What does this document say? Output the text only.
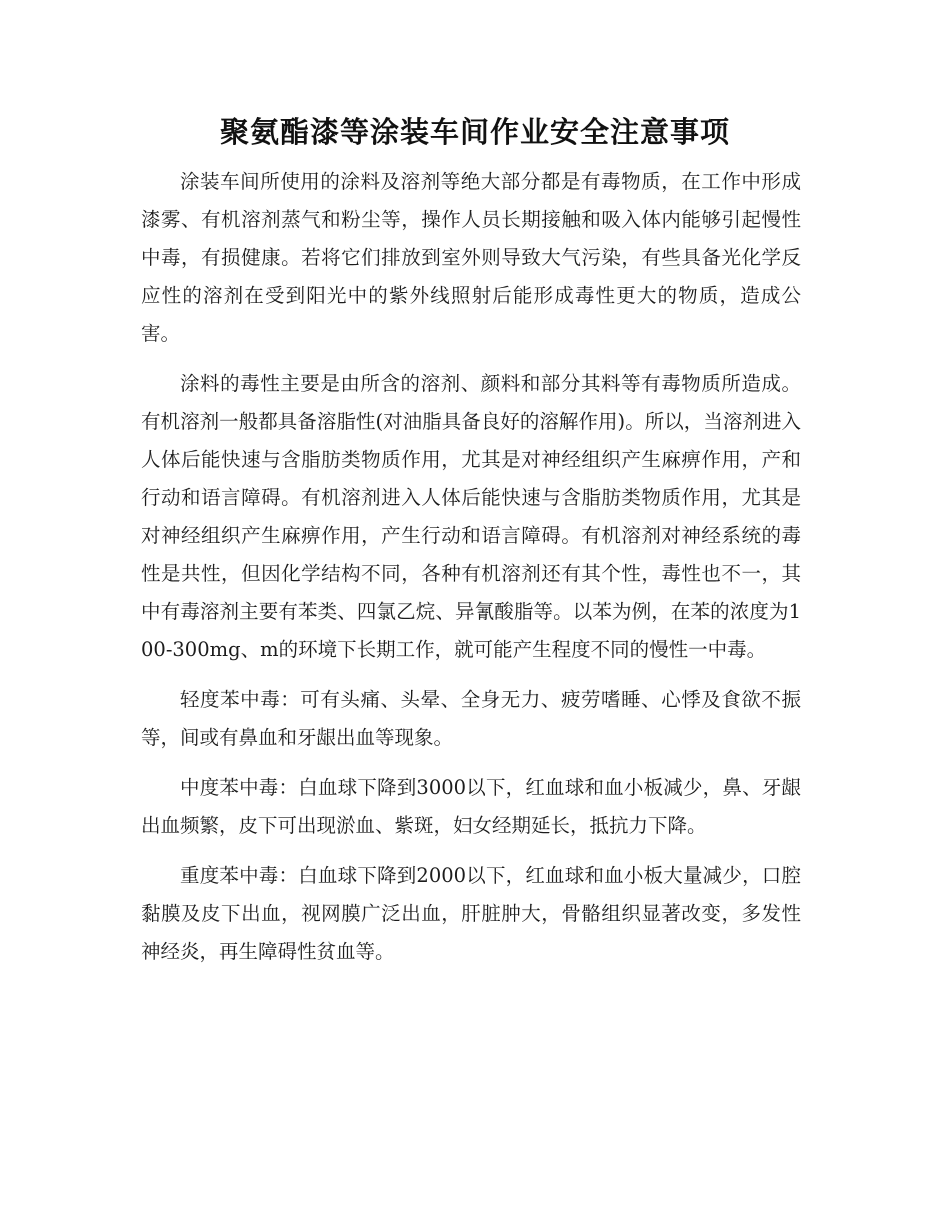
聚氨酯漆等涂装车间作业安全注意事项

涂装车间所使用的涂料及溶剂等绝大部分都是有毒物质，在工作中形成漆雾、有机溶剂蒸气和粉尘等，操作人员长期接触和吸入体内能够引起慢性中毒，有损健康。若将它们排放到室外则导致大气污染，有些具备光化学反应性的溶剂在受到阳光中的紫外线照射后能形成毒性更大的物质，造成公害。

涂料的毒性主要是由所含的溶剂、颜料和部分其料等有毒物质所造成。有机溶剂一般都具备溶脂性(对油脂具备良好的溶解作用)。所以，当溶剂进入人体后能快速与含脂肪类物质作用，尤其是对神经组织产生麻痹作用，产和行动和语言障碍。有机溶剂进入人体后能快速与含脂肪类物质作用，尤其是对神经组织产生麻痹作用，产生行动和语言障碍。有机溶剂对神经系统的毒性是共性，但因化学结构不同，各种有机溶剂还有其个性，毒性也不一，其中有毒溶剂主要有苯类、四氯乙烷、异氰酸脂等。以苯为例，在苯的浓度为100-300mg、m的环境下长期工作，就可能产生程度不同的慢性一中毒。

轻度苯中毒：可有头痛、头晕、全身无力、疲劳嗜睡、心悸及食欲不振等，间或有鼻血和牙龈出血等现象。

中度苯中毒：白血球下降到3000以下，红血球和血小板减少，鼻、牙龈出血频繁，皮下可出现淤血、紫斑，妇女经期延长，抵抗力下降。

重度苯中毒：白血球下降到2000以下，红血球和血小板大量减少，口腔黏膜及皮下出血，视网膜广泛出血，肝脏肿大，骨骼组织显著改变，多发性神经炎，再生障碍性贫血等。
